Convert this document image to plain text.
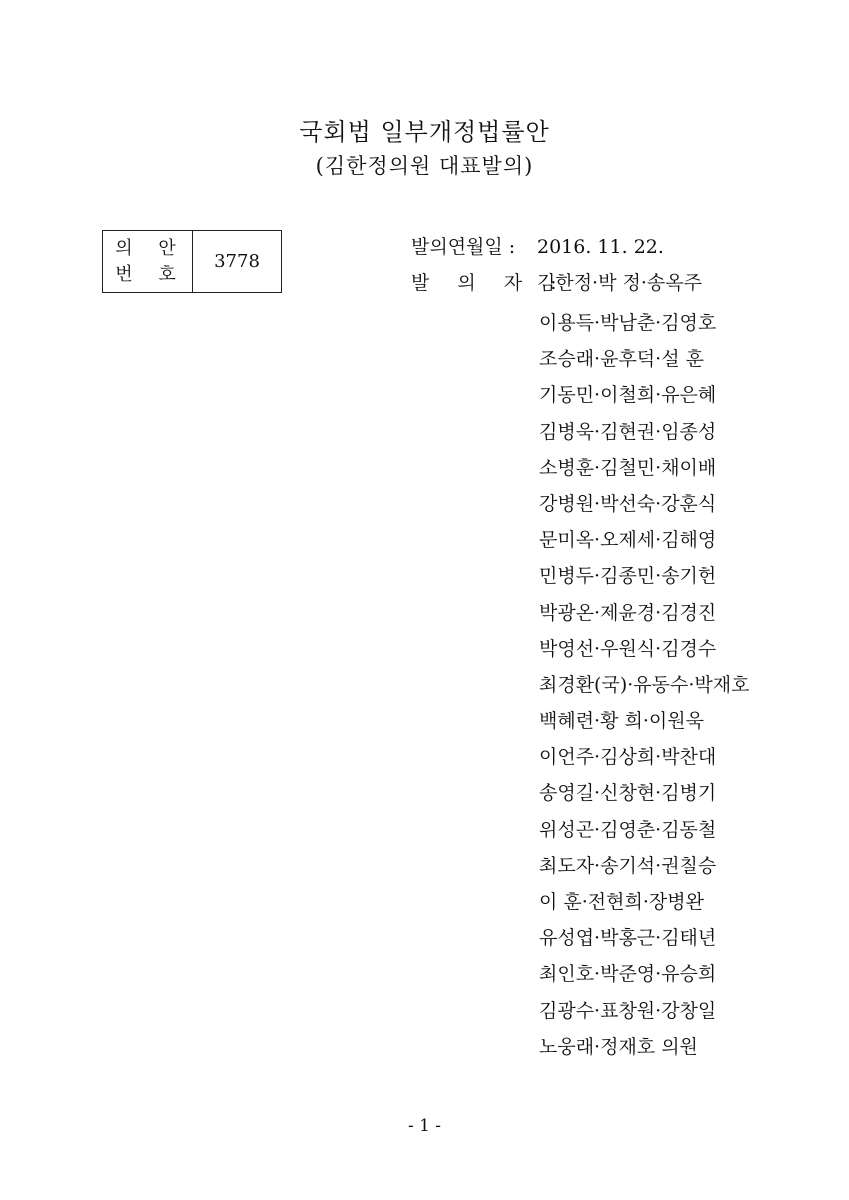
국회법 일부개정법률안
(김한정의원 대표발의)
의 안 번 호	3778
발의연월일 : 2016. 11. 22.
발 의 자 :김한정·박 정·송옥주
이용득·박남춘·김영호
조승래·윤후덕·설 훈
기동민·이철희·유은혜
김병욱·김현권·임종성
소병훈·김철민·채이배
강병원·박선숙·강훈식
문미옥·오제세·김해영
민병두·김종민·송기헌
박광온·제윤경·김경진
박영선·우원식·김경수
최경환(국)·유동수·박재호
백혜련·황 희·이원욱
이언주·김상희·박찬대
송영길·신창현·김병기
위성곤·김영춘·김동철
최도자·송기석·권칠승
이 훈·전현희·장병완
유성엽·박홍근·김태년
최인호·박준영·유승희
김광수·표창원·강창일
노웅래·정재호 의원
- 1 -
